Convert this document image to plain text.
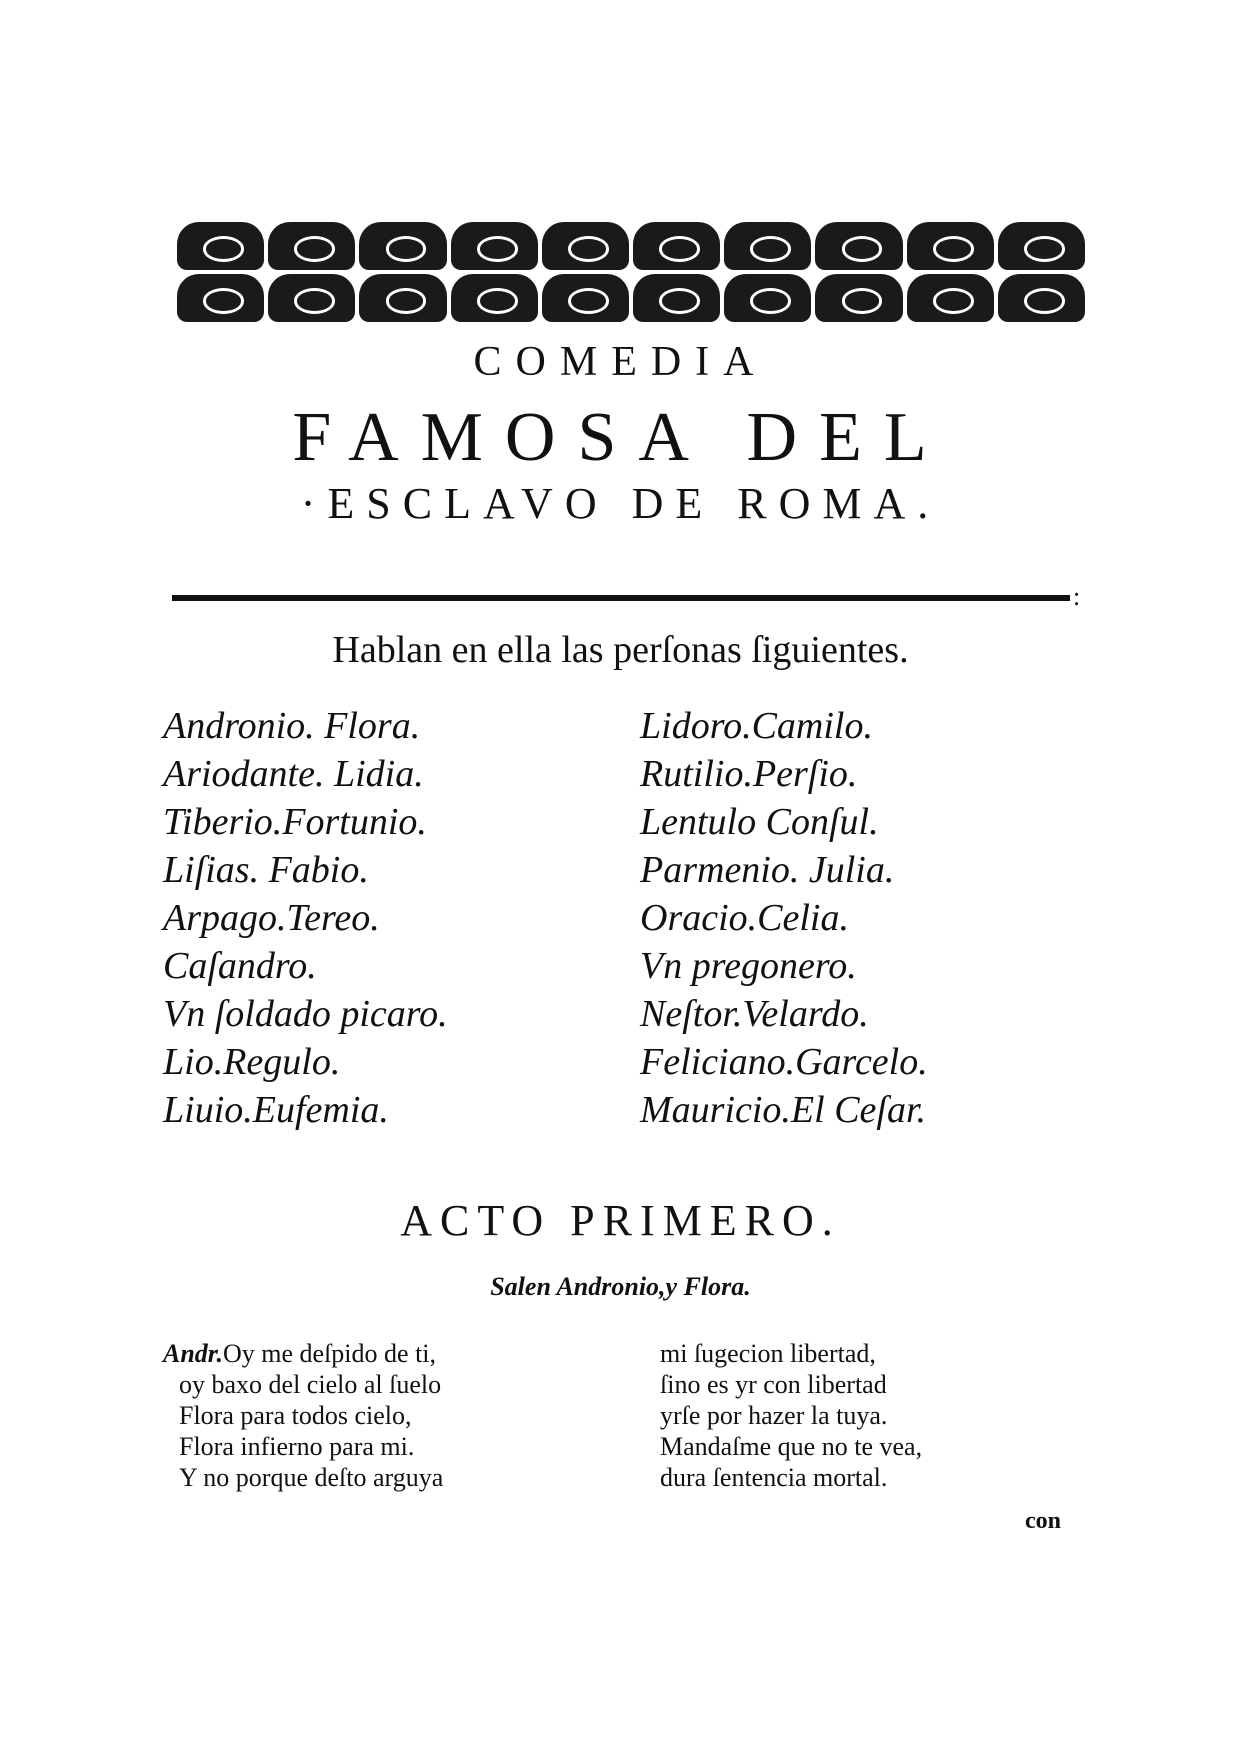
COMEDIA
FAMOSA DEL
·ESCLAVO DE ROMA.
:
Hablan en ella las perſonas ſiguientes.
Andronio. Flora.
Ariodante. Lidia.
Tiberio.Fortunio.
Liſias. Fabio.
Arpago.Tereo.
Caſandro.
Vn ſoldado picaro.
Lio.Regulo.
Liuio.Eufemia.
Lidoro.Camilo.
Rutilio.Perſio.
Lentulo Conſul.
Parmenio. Julia.
Oracio.Celia.
Vn pregonero.
Neſtor.Velardo.
Feliciano.Garcelo.
Mauricio.El Ceſar.
ACTO PRIMERO.
Salen Andronio,y Flora.
Andr.Oy me deſpido de ti,
oy baxo del cielo al ſuelo
Flora para todos cielo,
Flora infierno para mi.
Y no porque deſto arguya
mi ſugecion libertad,
ſino es yr con libertad
yrſe por hazer la tuya.
Mandaſme que no te vea,
dura ſentencia mortal.
con
